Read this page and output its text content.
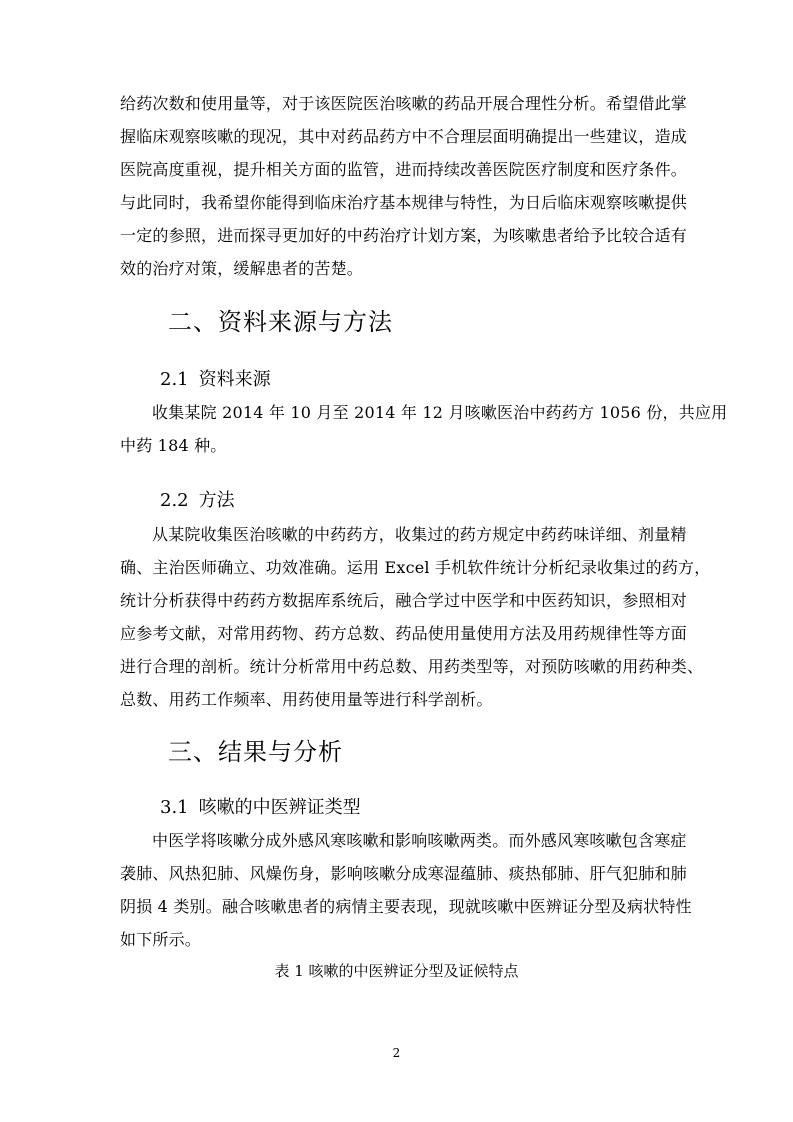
给药次数和使用量等，对于该医院医治咳嗽的药品开展合理性分析。希望借此掌
握临床观察咳嗽的现况，其中对药品药方中不合理层面明确提出一些建议，造成
医院高度重视，提升相关方面的监管，进而持续改善医院医疗制度和医疗条件。
与此同时，我希望你能得到临床治疗基本规律与特性，为日后临床观察咳嗽提供
一定的参照，进而探寻更加好的中药治疗计划方案，为咳嗽患者给予比较合适有
效的治疗对策，缓解患者的苦楚。
二、资料来源与方法
2.1 资料来源
收集某院 2014 年 10 月至 2014 年 12 月咳嗽医治中药药方 1056 份，共应用
中药 184 种。
2.2 方法
从某院收集医治咳嗽的中药药方，收集过的药方规定中药药味详细、剂量精
确、主治医师确立、功效准确。运用 Excel 手机软件统计分析纪录收集过的药方，
统计分析获得中药药方数据库系统后，融合学过中医学和中医药知识，参照相对
应参考文献，对常用药物、药方总数、药品使用量使用方法及用药规律性等方面
进行合理的剖析。统计分析常用中药总数、用药类型等，对预防咳嗽的用药种类、
总数、用药工作频率、用药使用量等进行科学剖析。
三、结果与分析
3.1 咳嗽的中医辨证类型
中医学将咳嗽分成外感风寒咳嗽和影响咳嗽两类。而外感风寒咳嗽包含寒症
袭肺、风热犯肺、风燥伤身，影响咳嗽分成寒湿蕴肺、痰热郁肺、肝气犯肺和肺
阴损 4 类别。融合咳嗽患者的病情主要表现，现就咳嗽中医辨证分型及病状特性
如下所示。
表 1 咳嗽的中医辨证分型及证候特点
2
